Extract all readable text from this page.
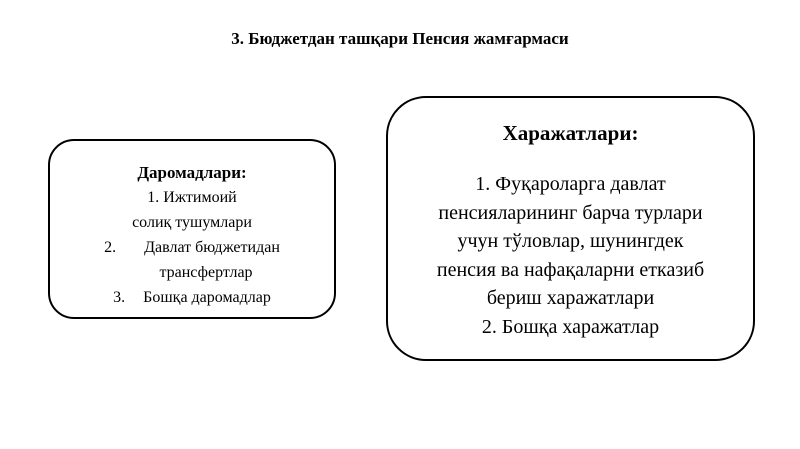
3. Бюджетдан ташқари Пенсия жамғармаси
Даромадлари:
1. Ижтимоий
солиқ тушумлари
2. Давлат бюджетидан
трансфертлар
3. Бошқа даромадлар
Харажатлари:
1. Фуқароларга давлат
пенсияларининг барча турлари
учун тўловлар, шунингдек
пенсия ва нафақаларни етказиб
бериш харажатлари
2. Бошқа харажатлар
